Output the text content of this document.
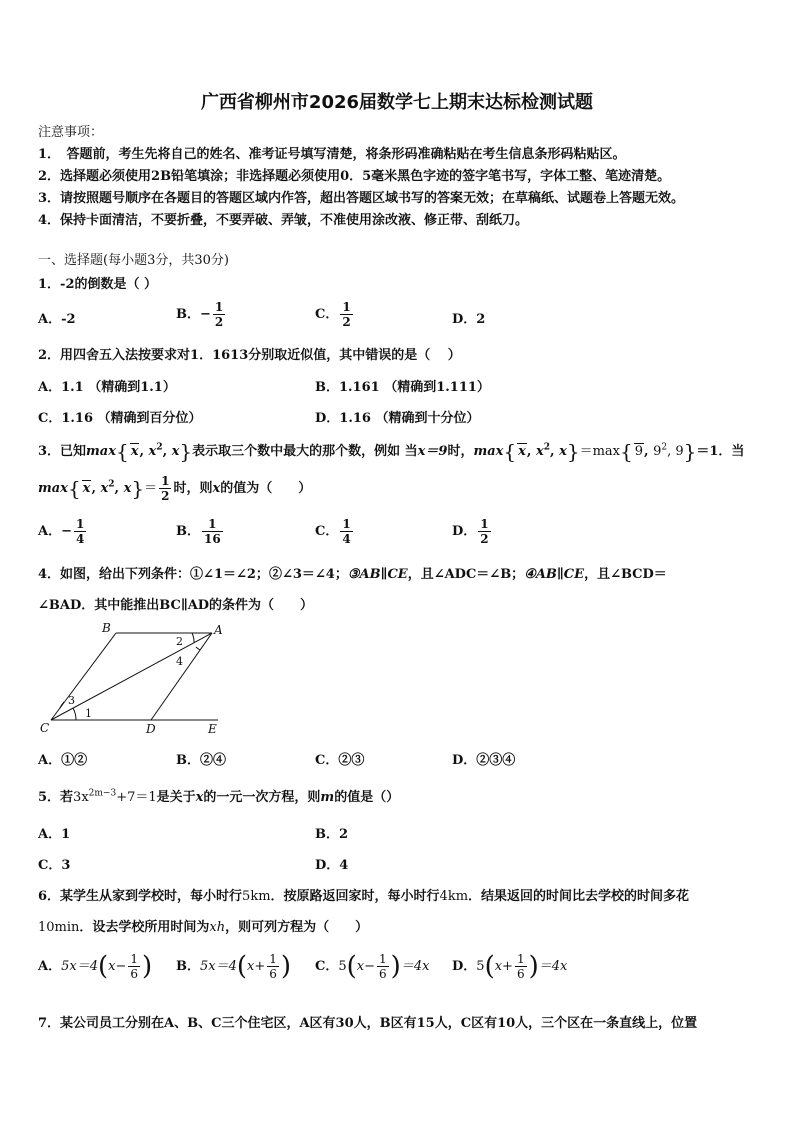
广西省柳州市2026届数学七上期末达标检测试题
注意事项：
1．　答题前，考生先将自己的姓名、准考证号填写清楚，将条形码准确粘贴在考生信息条形码粘贴区。
2．选择题必须使用2B铅笔填涂；非选择题必须使用0．5毫米黑色字迹的签字笔书写，字体工整、笔迹清楚。
3．请按照题号顺序在各题目的答题区域内作答，超出答题区域书写的答案无效；在草稿纸、试题卷上答题无效。
4．保持卡面清洁，不要折叠，不要弄破、弄皱，不准使用涂改液、修正带、刮纸刀。
一、选择题(每小题3分，共30分)
1．-2的倒数是（ ）
A．-2	B．− $\frac{1}{2}$	C． $\frac{1}{2}$	D．2
2．用四舍五入法按要求对1．1613分别取近似值，其中错误的是（　 ）
A．1.1 （精确到1.1）	B．1.161 （精确到1.111）
C．1.16 （精确到百分位）	D．1.16 （精确到十分位）
3．已知max{ x, $x^2$, x}表示取三个数中最大的那个数，例如 当x＝9时，max{ x, $x^2$, x}＝max{ 9, $9^2$, 9}＝1．当
max{ x, $x^2$, $x\}= \frac{1}{2}$ 时，则x的值为（　　）
A．− $\frac{1}{4}$	B． $\frac{1}{16}$	C． $\frac{1}{4}$	D． $\frac{1}{2}$
4．如图，给出下列条件：①∠1＝∠2；②∠3＝∠4；③AB∥CE，且∠ADC＝∠B；④AB∥CE，且∠BCD＝
∠BAD．其中能推出BC∥AD的条件为（　　）
B	A
C	D	E
1
2
3
4
A．①②	B．②④	C．②③	D．②③④
5．若$3x^{2m-3}+7=1$是关于x的一元一次方程，则m的值是（）
A．1	B．2
C．3	D．4
6．某学生从家到学校时，每小时行5km．按原路返回家时，每小时行4km．结果返回的时间比去学校的时间多花
10min．设去学校所用时间为xh，则可列方程为（　　）
A．$5x=4(x- \frac{1}{6}$ ) B．$5x=4(x+ \frac{1}{6}$ ) C．$5(x- \frac{1}{6} )=4x$ D．$5(x+ \frac{1}{6} )=4x$
7．某公司员工分别在A、B、C三个住宅区，A区有30人，B区有15人，C区有10人，三个区在一条直线上，位置
